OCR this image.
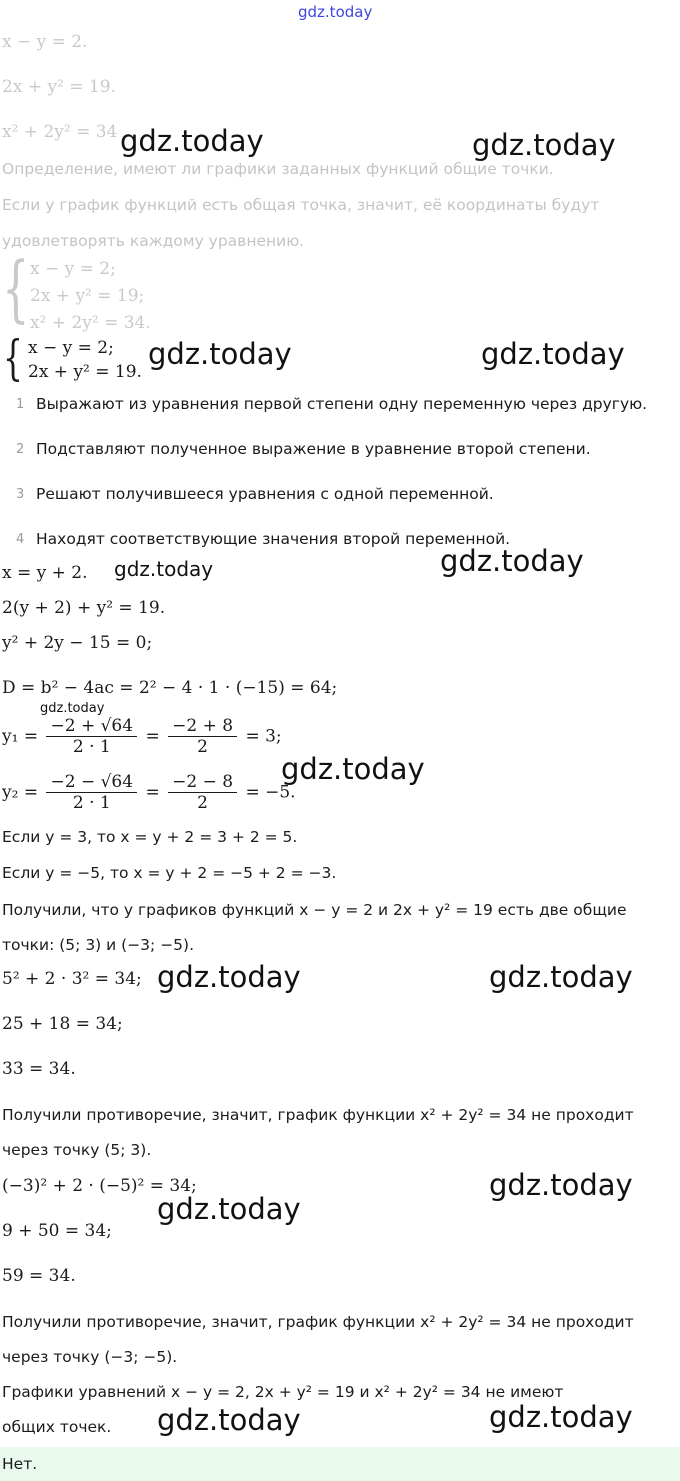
gdz.today
x − y = 2.
2x + y² = 19.
x² + 2y² = 34 gdz.today	gdz.today
Определение, имеют ли графики заданных функций общие точки.
Если у график функций есть общая точка, значит, её координаты будут
удовлетворять каждому уравнению.
{ x − y = 2;
2x + y² = 19;
x² + 2y² = 34.
{ x − y = 2;
2x + y² = 19.
gdz.today	gdz.today
1 Выражают из уравнения первой степени одну переменную через другую.
2 Подставляют полученное выражение в уравнение второй степени.
3 Решают получившееся уравнения с одной переменной.
4 Находят соответствующие значения второй переменной.
x = y + 2. gdz.today	gdz.today
2(y + 2) + y² = 19.
y² + 2y − 15 = 0;
D = b² − 4ac = 2² − 4 · 1 · (−15) = 64;
gdz.today
$y_1 = \frac{-2 + √64}{2 \cdot 1} = \frac{-2 + 8}{2} = 3$;
$y_2 = \frac{-2 - √64}{2 \cdot 1} = \frac{-2 - 8}{2} = -5$.
gdz.today
Если y = 3, то x = y + 2 = 3 + 2 = 5.
Если y = −5, то x = y + 2 = −5 + 2 = −3.
Получили, что у графиков функций x − y = 2 и 2x + y² = 19 есть две общие
точки: (5; 3) и (−3; −5).
5² + 2 · 3² = 34; gdz.today	gdz.today
25 + 18 = 34;
33 = 34.
Получили противоречие, значит, график функции x² + 2y² = 34 не проходит
через точку (5; 3).
(−3)² + 2 · (−5)² = 34;	gdz.today
gdz.today
9 + 50 = 34;
59 = 34.
Получили противоречие, значит, график функции x² + 2y² = 34 не проходит
через точку (−3; −5).
Графики уравнений x − y = 2, 2x + y² = 19 и x² + 2y² = 34 не имеют
общих точек. gdz.today	gdz.today
Нет.
